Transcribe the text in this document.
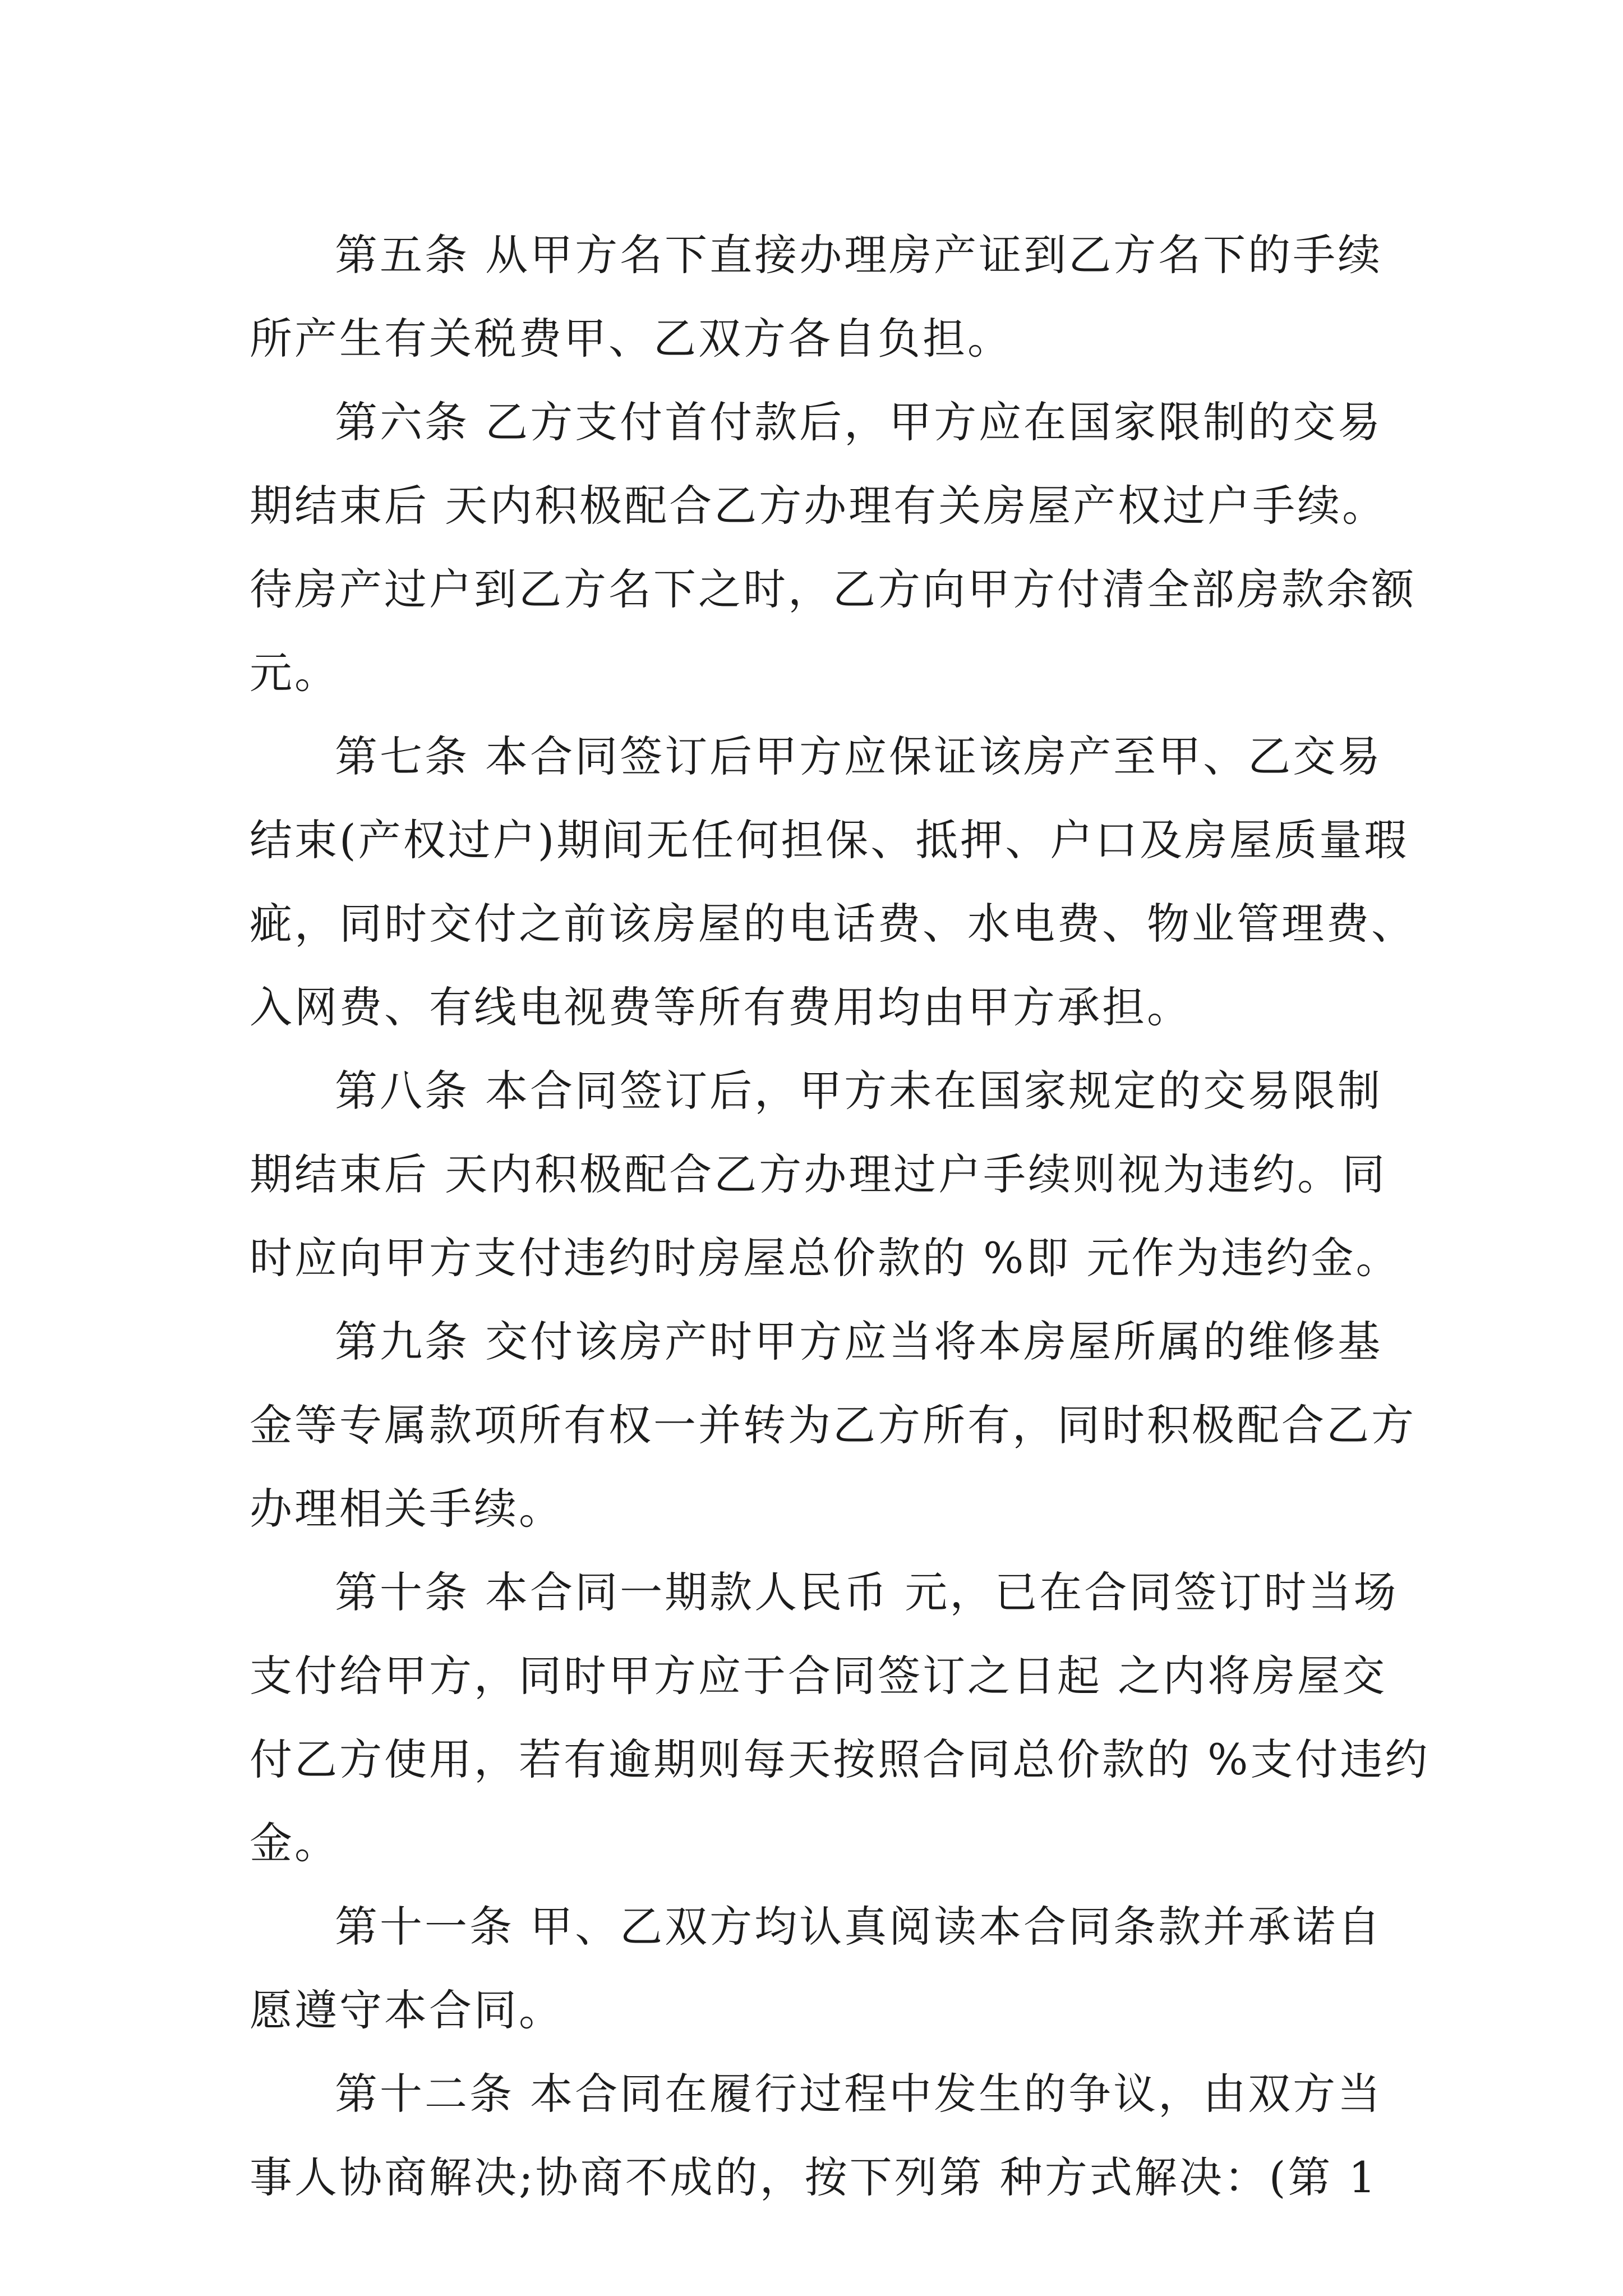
第五条 从甲方名下直接办理房产证到乙方名下的手续
所产生有关税费甲、乙双方各自负担。

第六条 乙方支付首付款后，甲方应在国家限制的交易
期结束后 天内积极配合乙方办理有关房屋产权过户手续。
待房产过户到乙方名下之时，乙方向甲方付清全部房款余额
元。

第七条 本合同签订后甲方应保证该房产至甲、乙交易
结束(产权过户)期间无任何担保、抵押、户口及房屋质量瑕
疵，同时交付之前该房屋的电话费、水电费、物业管理费、
入网费、有线电视费等所有费用均由甲方承担。

第八条 本合同签订后，甲方未在国家规定的交易限制
期结束后 天内积极配合乙方办理过户手续则视为违约。同
时应向甲方支付违约时房屋总价款的 %即 元作为违约金。

第九条 交付该房产时甲方应当将本房屋所属的维修基
金等专属款项所有权一并转为乙方所有，同时积极配合乙方
办理相关手续。

第十条 本合同一期款人民币 元，已在合同签订时当场
支付给甲方，同时甲方应于合同签订之日起 之内将房屋交
付乙方使用，若有逾期则每天按照合同总价款的 %支付违约
金。

第十一条 甲、乙双方均认真阅读本合同条款并承诺自
愿遵守本合同。

第十二条 本合同在履行过程中发生的争议，由双方当
事人协商解决;协商不成的，按下列第 种方式解决：(第 1
